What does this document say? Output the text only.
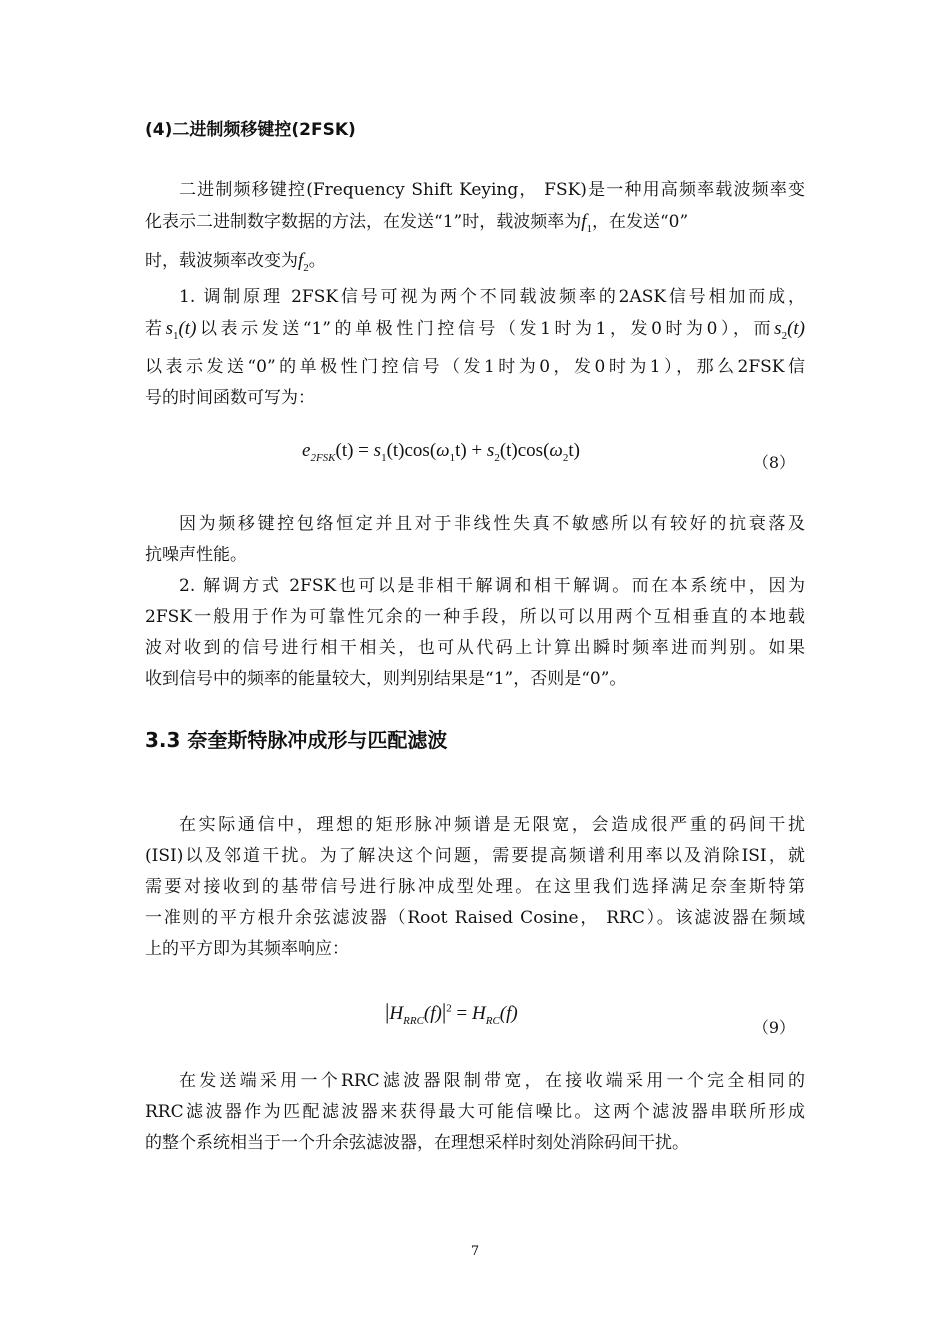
(4)二进制频移键控(2FSK)
二进制频移键控(Frequency Shift Keying， FSK)是一种用高频率载波频率变
化表示二进制数字数据的方法，在发送“1”时，载波频率为$f_1$，在发送“0”
时，载波频率改变为$f_2$。
1. 调制原理 2FSK信号可视为两个不同载波频率的2ASK信号相加而成，
若$s_1(t)$以表示发送“1”的单极性门控信号（发1时为1，发0时为0），而$s_2(t)$
以表示发送“0”的单极性门控信号（发1时为0，发0时为1），那么2FSK信
号的时间函数可写为：
$e_{2FSK}(t) = s_1(t)\cos(\omega_1t) + s_2(t)\cos(\omega_2t)$
（8）
因为频移键控包络恒定并且对于非线性失真不敏感所以有较好的抗衰落及
抗噪声性能。
2. 解调方式 2FSK也可以是非相干解调和相干解调。而在本系统中，因为
2FSK一般用于作为可靠性冗余的一种手段，所以可以用两个互相垂直的本地载
波对收到的信号进行相干相关，也可从代码上计算出瞬时频率进而判别。如果
收到信号中的频率的能量较大，则判别结果是“1”，否则是“0”。
3.3 奈奎斯特脉冲成形与匹配滤波
在实际通信中，理想的矩形脉冲频谱是无限宽，会造成很严重的码间干扰
(ISI)以及邻道干扰。为了解决这个问题，需要提高频谱利用率以及消除ISI，就
需要对接收到的基带信号进行脉冲成型处理。在这里我们选择满足奈奎斯特第
一准则的平方根升余弦滤波器（Root Raised Cosine， RRC）。该滤波器在频域
上的平方即为其频率响应：
$|H_{RRC}(f)|^2 = H_{RC}(f)$
（9）
在发送端采用一个RRC滤波器限制带宽，在接收端采用一个完全相同的
RRC滤波器作为匹配滤波器来获得最大可能信噪比。这两个滤波器串联所形成
的整个系统相当于一个升余弦滤波器，在理想采样时刻处消除码间干扰。
7
